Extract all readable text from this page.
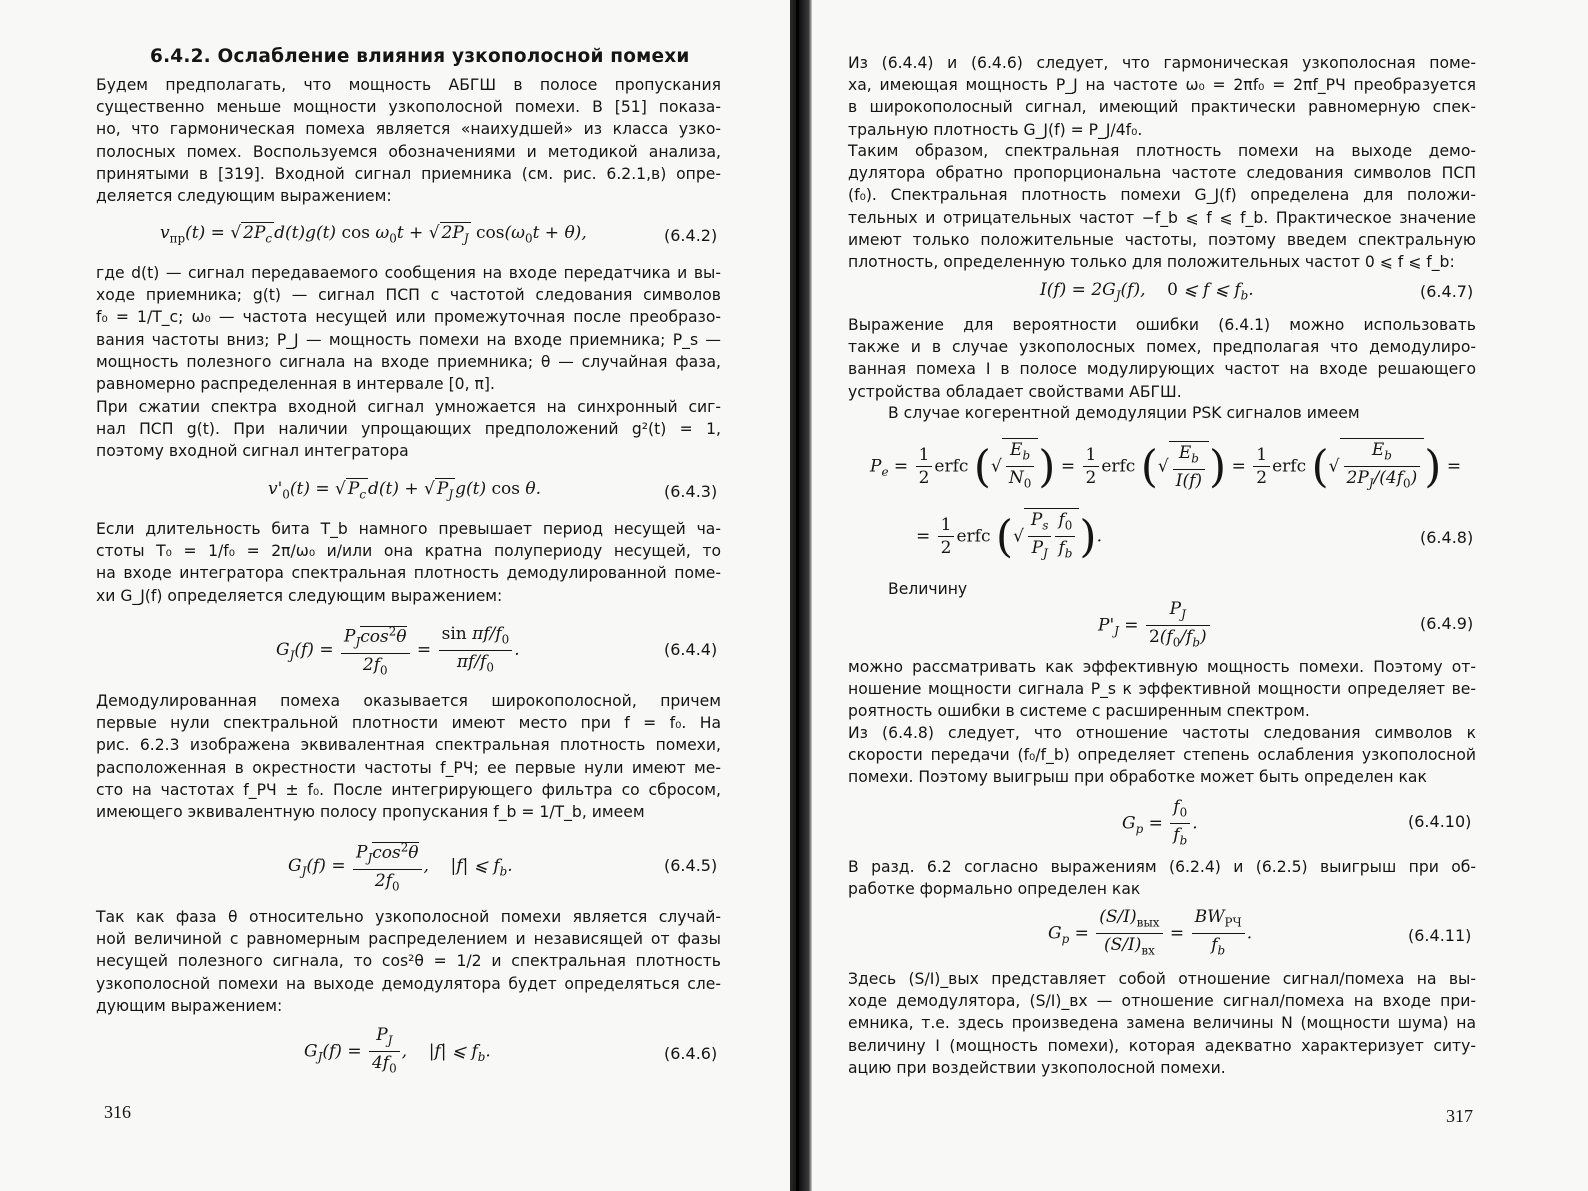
6.4.2. Ослабление влияния узкополосной помехи
Будем предполагать, что мощность АБГШ в полосе пропускания
существенно меньше мощности узкополосной помехи. В [51] показа-
но, что гармоническая помеха является «наихудшей» из класса узко-
полосных помех. Воспользуемся обозначениями и методикой анализа,
принятыми в [319]. Входной сигнал приемника (см. рис. 6.2.1,в) опре-
деляется следующим выражением:
$v_{пр}(t)$ = √ $2P_c$ d(t)g(t) $\cos \omega_0t$ + √ $2P_J$ $\cos(\omega_0t + \theta)$,	(6.4.2)
где d(t) — сигнал передаваемого сообщения на входе передатчика и вы-
ходе приемника; g(t) — сигнал ПСП с частотой следования символов
f₀ = 1/T_c; ω₀ — частота несущей или промежуточная после преобразо-
вания частоты вниз; P_J — мощность помехи на входе приемника; P_s —
мощность полезного сигнала на входе приемника; θ — случайная фаза,
равномерно распределенная в интервале [0, π].
При сжатии спектра входной сигнал умножается на синхронный сиг-
нал ПСП g(t). При наличии упрощающих предположений g²(t) = 1,
поэтому входной сигнал интегратора
$v'_0(t)$ = √ $P_c$ d(t) + √ $P_J$ g(t) cos θ.	(6.4.3)
Если длительность бита T_b намного превышает период несущей ча-
стоты T₀ = 1/f₀ = 2π/ω₀ и/или она кратна полупериоду несущей, то
на входе интегратора спектральная плотность демодулированной поме-
хи G_J(f) определяется следующим выражением:
$G_J(f) = \frac{P_J\cos^2\theta}{2f_0} = \frac{\sin \pi f/f_0}{\pi f/f_0}$ .	(6.4.4)
Демодулированная помеха оказывается широкополосной, причем
первые нули спектральной плотности имеют место при f = f₀. На
рис. 6.2.3 изображена эквивалентная спектральная плотность помехи,
расположенная в окрестности частоты f_РЧ; ее первые нули имеют ме-
сто на частотах f_РЧ ± f₀. После интегрирующего фильтра со сбросом,
имеющего эквивалентную полосу пропускания f_b = 1/T_b, имеем
$G_J(f) = \frac{P_J\cos^2\theta}{2f_0}$ ,    |f| ⩽ $f_b$.	(6.4.5)
Так как фаза θ относительно узкополосной помехи является случай-
ной величиной с равномерным распределением и независящей от фазы
несущей полезного сигнала, то cos²θ = 1/2 и спектральная плотность
узкополосной помехи на выходе демодулятора будет определяться сле-
дующим выражением:
$G_J(f) = \frac{P_J}{4f_0}$ ,    |f| ⩽ $f_b$.	(6.4.6)
316
Из (6.4.4) и (6.4.6) следует, что гармоническая узкополосная поме-
ха, имеющая мощность P_J на частоте ω₀ = 2πf₀ = 2πf_РЧ преобразуется
в широкополосный сигнал, имеющий практически равномерную спек-
тральную плотность G_J(f) = P_J/4f₀.
Таким образом, спектральная плотность помехи на выходе демо-
дулятора обратно пропорциональна частоте следования символов ПСП
(f₀). Спектральная плотность помехи G_J(f) определена для положи-
тельных и отрицательных частот −f_b ⩽ f ⩽ f_b. Практическое значение
имеют только положительные частоты, поэтому введем спектральную
плотность, определенную только для положительных частот 0 ⩽ f ⩽ f_b:
$I(f) = 2G_J(f)$,    0 ⩽ f ⩽ $f_b$.	(6.4.7)
Выражение для вероятности ошибки (6.4.1) можно использовать
также и в случае узкополосных помех, предполагая что демодулиро-
ванная помеха I в полосе модулирующих частот на входе решающего
устройства обладает свойствами АБГШ.
В случае когерентной демодуляции PSK сигналов имеем
$P_e = \frac{1}{2}$ erfc (√ $\frac{E_b}{N_0}$ ) = $\frac{1}{2}$ erfc (√ $\frac{E_b}{I(f)}$ ) = $\frac{1}{2}$ erfc (√ $\frac{E_b}{2P_J/(4f_0)}$ ) =
= $\frac{1}{2}$ erfc (√ $\frac{P_s}{P_J} \frac{f_0}{f_b}$ ).	(6.4.8)
Величину
$P'_J = \frac{P_J}{2(f_0/f_b)}$	(6.4.9)
можно рассматривать как эффективную мощность помехи. Поэтому от-
ношение мощности сигнала P_s к эффективной мощности определяет ве-
роятность ошибки в системе с расширенным спектром.
Из (6.4.8) следует, что отношение частоты следования символов к
скорости передачи (f₀/f_b) определяет степень ослабления узкополосной
помехи. Поэтому выигрыш при обработке может быть определен как
$G_p = \frac{f_0}{f_b}$ .	(6.4.10)
В разд. 6.2 согласно выражениям (6.2.4) и (6.2.5) выигрыш при об-
работке формально определен как
$G_p = \frac{(S/I)_{вых}}{(S/I)_{вх}} = \frac{BW_{РЧ}}{f_b}$ .	(6.4.11)
Здесь (S/I)_вых представляет собой отношение сигнал/помеха на вы-
ходе демодулятора, (S/I)_вх — отношение сигнал/помеха на входе при-
емника, т.е. здесь произведена замена величины N (мощности шума) на
величину I (мощность помехи), которая адекватно характеризует ситу-
ацию при воздействии узкополосной помехи.
317
